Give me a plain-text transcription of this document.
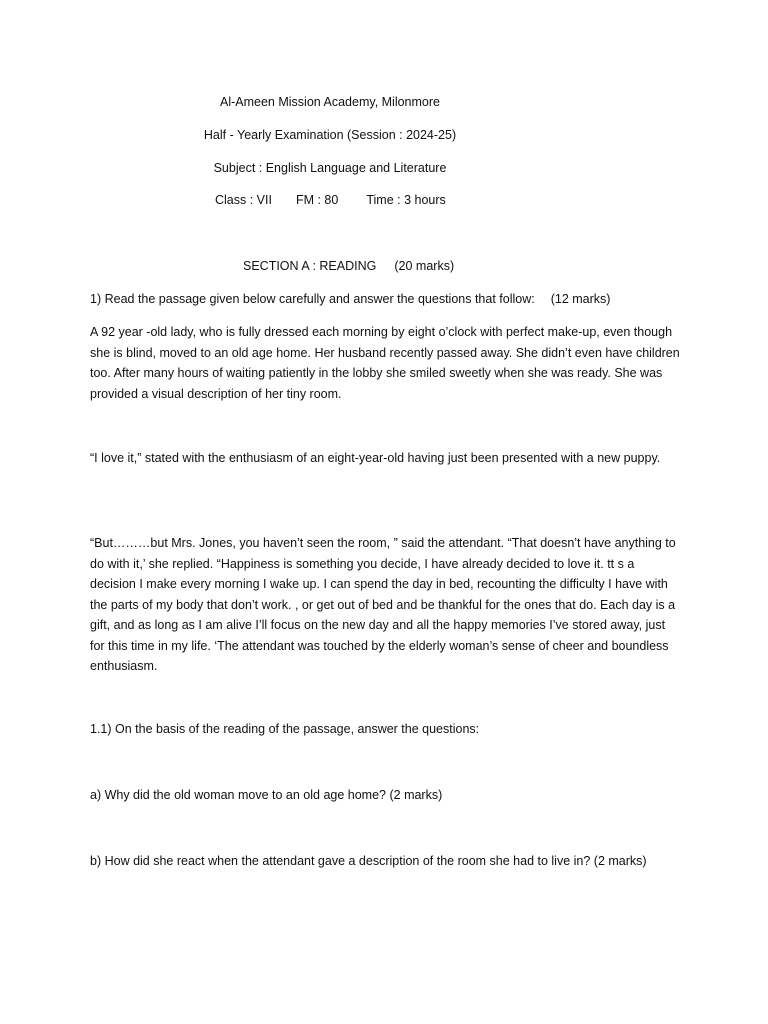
Al-Ameen Mission Academy, Milonmore
Half - Yearly Examination (Session : 2024-25)
Subject : English Language and Literature
Class : VII FM : 80 Time : 3 hours
SECTION A : READING (20 marks)
1) Read the passage given below carefully and answer the questions that follow: (12 marks)
A 92 year -old lady, who is fully dressed each morning by eight o’clock with perfect make-up, even though she is blind, moved to an old age home. Her husband recently passed away. She didn’t even have children too. After many hours of waiting patiently in the lobby she smiled sweetly when she was ready. She was provided a visual description of her tiny room.
“I love it,” stated with the enthusiasm of an eight-year-old having just been presented with a new puppy.
“But………but Mrs. Jones, you haven’t seen the room, ” said the attendant. “That doesn’t have anything to do with it,’ she replied. “Happiness is something you decide, I have already decided to love it. tt s a decision I make every morning I wake up. I can spend the day in bed, recounting the difficulty I have with the parts of my body that don’t work. , or get out of bed and be thankful for the ones that do. Each day is a gift, and as long as I am alive I’ll focus on the new day and all the happy memories I’ve stored away, just for this time in my life. ‘The attendant was touched by the elderly woman’s sense of cheer and boundless enthusiasm.
1.1) On the basis of the reading of the passage, answer the questions:
a) Why did the old woman move to an old age home? (2 marks)
b) How did she react when the attendant gave a description of the room she had to live in? (2 marks)
